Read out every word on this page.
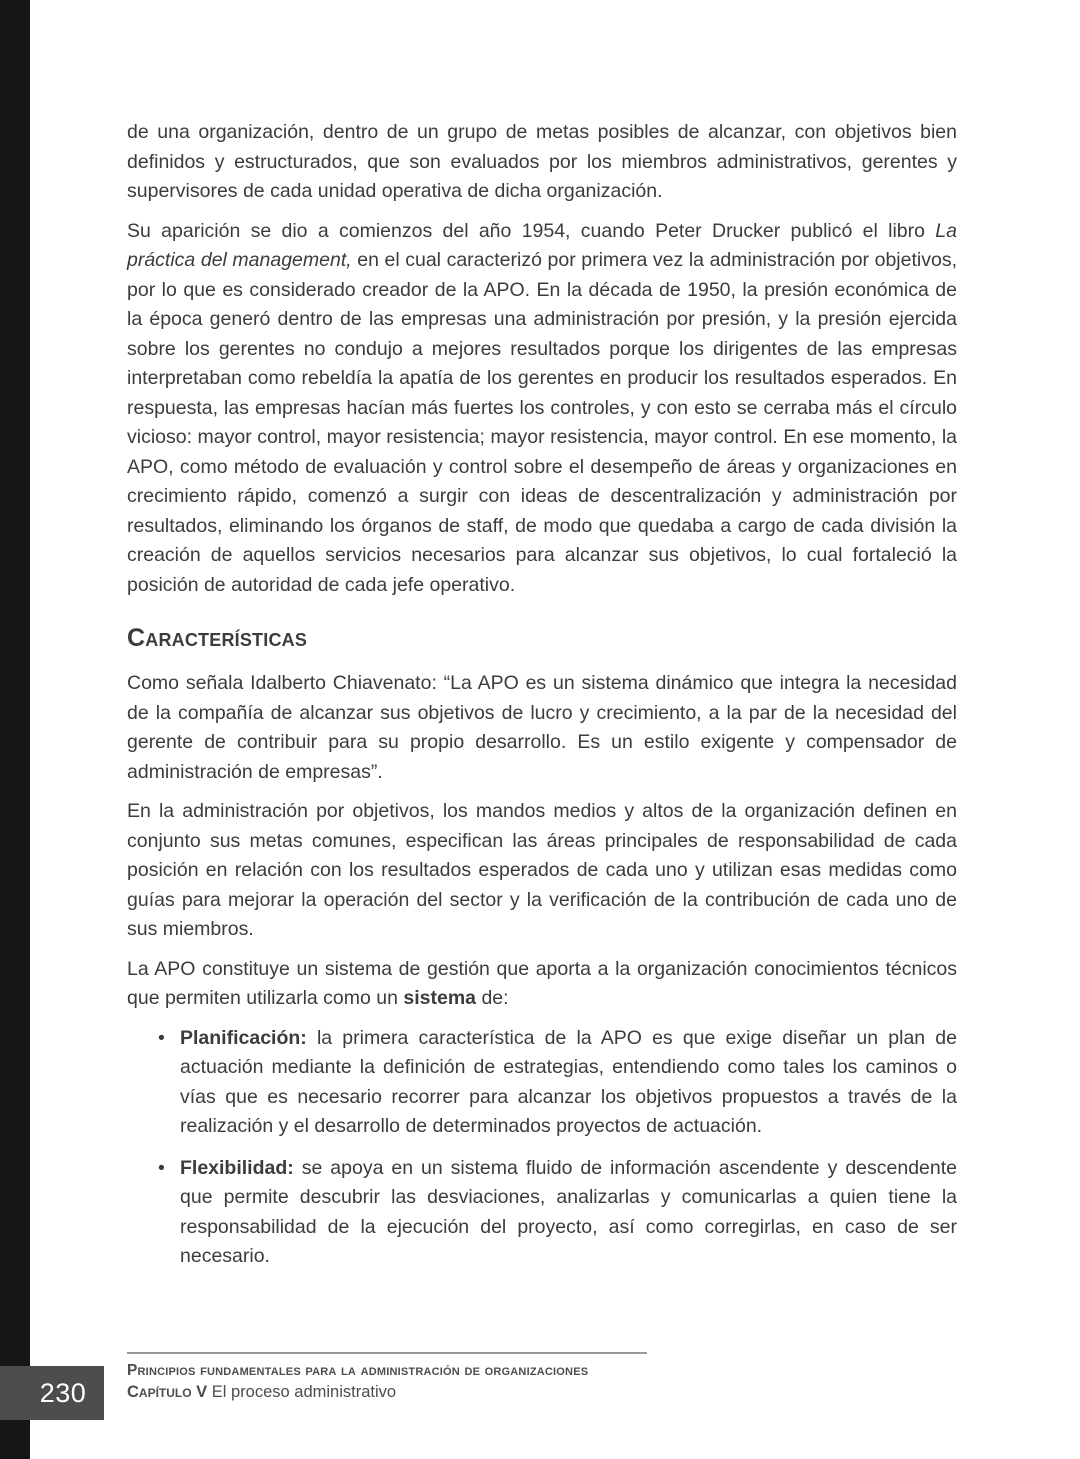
de una organización, dentro de un grupo de metas posibles de alcanzar, con objetivos bien definidos y estructurados, que son evaluados por los miembros administrativos, gerentes y supervisores de cada unidad operativa de dicha organización.

Su aparición se dio a comienzos del año 1954, cuando Peter Drucker publicó el libro La práctica del management, en el cual caracterizó por primera vez la administración por objetivos, por lo que es considerado creador de la APO. En la década de 1950, la presión económica de la época generó dentro de las empresas una administración por presión, y la presión ejercida sobre los gerentes no condujo a mejores resultados porque los dirigentes de las empresas interpretaban como rebeldía la apatía de los gerentes en producir los resultados esperados. En respuesta, las empresas hacían más fuertes los controles, y con esto se cerraba más el círculo vicioso: mayor control, mayor resistencia; mayor resistencia, mayor control. En ese momento, la APO, como método de evaluación y control sobre el desempeño de áreas y organizaciones en crecimiento rápido, comenzó a surgir con ideas de descentralización y administración por resultados, eliminando los órganos de staff, de modo que quedaba a cargo de cada división la creación de aquellos servicios necesarios para alcanzar sus objetivos, lo cual fortaleció la posición de autoridad de cada jefe operativo.

Características

Como señala Idalberto Chiavenato: “La APO es un sistema dinámico que integra la necesidad de la compañía de alcanzar sus objetivos de lucro y crecimiento, a la par de la necesidad del gerente de contribuir para su propio desarrollo. Es un estilo exigente y compensador de administración de empresas”.

En la administración por objetivos, los mandos medios y altos de la organización definen en conjunto sus metas comunes, especifican las áreas principales de responsabilidad de cada posición en relación con los resultados esperados de cada uno y utilizan esas medidas como guías para mejorar la operación del sector y la verificación de la contribución de cada uno de sus miembros.

La APO constituye un sistema de gestión que aporta a la organización conocimientos técnicos que permiten utilizarla como un sistema de:

• Planificación: la primera característica de la APO es que exige diseñar un plan de actuación mediante la definición de estrategias, entendiendo como tales los caminos o vías que es necesario recorrer para alcanzar los objetivos propuestos a través de la realización y el desarrollo de determinados proyectos de actuación.
• Flexibilidad: se apoya en un sistema fluido de información ascendente y descendente que permite descubrir las desviaciones, analizarlas y comunicarlas a quien tiene la responsabilidad de la ejecución del proyecto, así como corregirlas, en caso de ser necesario.
Principios fundamentales para la administración de organizaciones
Capítulo V El proceso administrativo
230
